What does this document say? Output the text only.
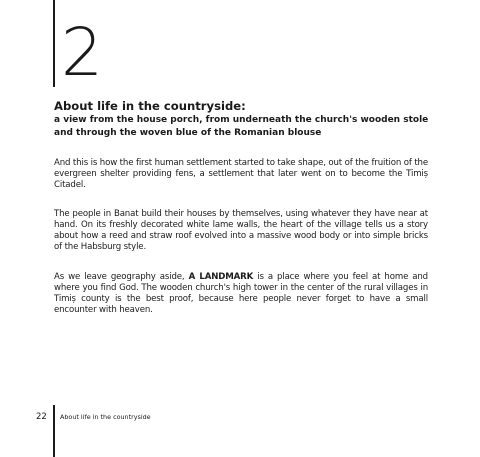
2
About life in the countryside:
a view from the house porch, from underneath the church's wooden stole and through the woven blue of the Romanian blouse

And this is how the first human settlement started to take shape, out of the fruition of the evergreen shelter providing fens, a settlement that later went on to become the Timiș Citadel.

The people in Banat build their houses by themselves, using whatever they have near at hand. On its freshly decorated white lame walls, the heart of the village tells us a story about how a reed and straw roof evolved into a massive wood body or into simple bricks of the Habsburg style.

As we leave geography aside, A LANDMARK is a place where you feel at home and where you find God. The wooden church's high tower in the center of the rural villages in Timiș county is the best proof, because here people never forget to have a small encounter with heaven.

22 About life in the countryside
